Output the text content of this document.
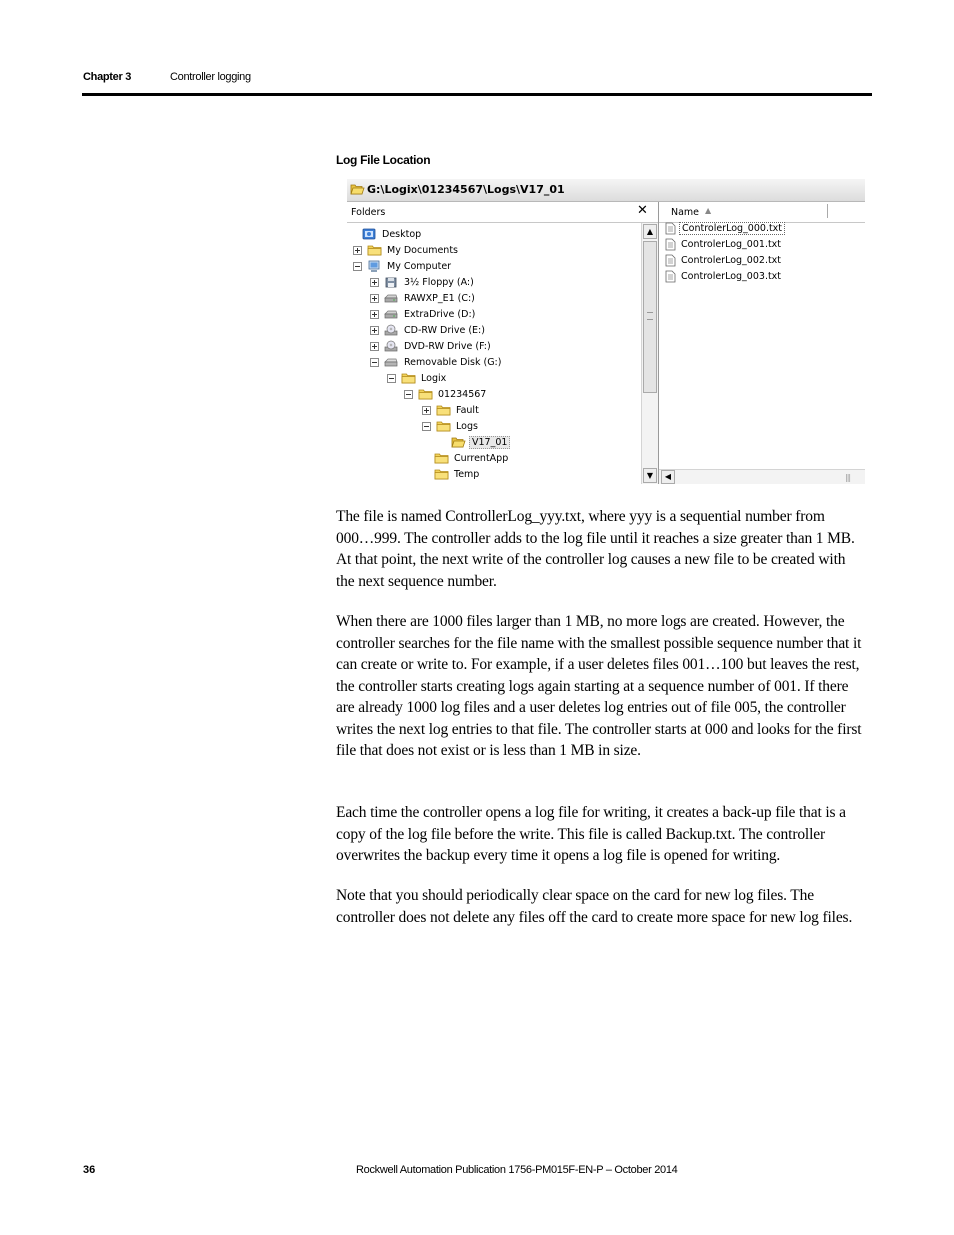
Chapter 3	Controller logging
Log File Location
G:\Logix\01234567\Logs\V17_01
Folders	✕
Desktop
My Documents
My Computer
3½ Floppy (A:)
RAWXP_E1 (C:)
ExtraDrive (D:)
CD-RW Drive (E:)
DVD-RW Drive (F:)
Removable Disk (G:)
Logix
01234567
Fault
Logs
V17_01
CurrentApp
Temp
▲
▼
Name ▲
ControlerLog_000.txt
ControlerLog_001.txt
ControlerLog_002.txt
ControlerLog_003.txt
◀	|||

The file is named ControllerLog_yyy.txt, where yyy is a sequential number from 000…999. The controller adds to the log file until it reaches a size greater than 1 MB. At that point, the next write of the controller log causes a new file to be created with the next sequence number.

When there are 1000 files larger than 1 MB, no more logs are created. However, the controller searches for the file name with the smallest possible sequence number that it can create or write to. For example, if a user deletes files 001…100 but leaves the rest, the controller starts creating logs again starting at a sequence number of 001. If there are already 1000 log files and a user deletes log entries out of file 005, the controller writes the next log entries to that file. The controller starts at 000 and looks for the first file that does not exist or is less than 1 MB in size.

Each time the controller opens a log file for writing, it creates a back-up file that is a copy of the log file before the write. This file is called Backup.txt. The controller overwrites the backup every time it opens a log file is opened for writing.

Note that you should periodically clear space on the card for new log files. The controller does not delete any files off the card to create more space for new log files.

36	Rockwell Automation Publication 1756-PM015F-EN-P – October 2014
